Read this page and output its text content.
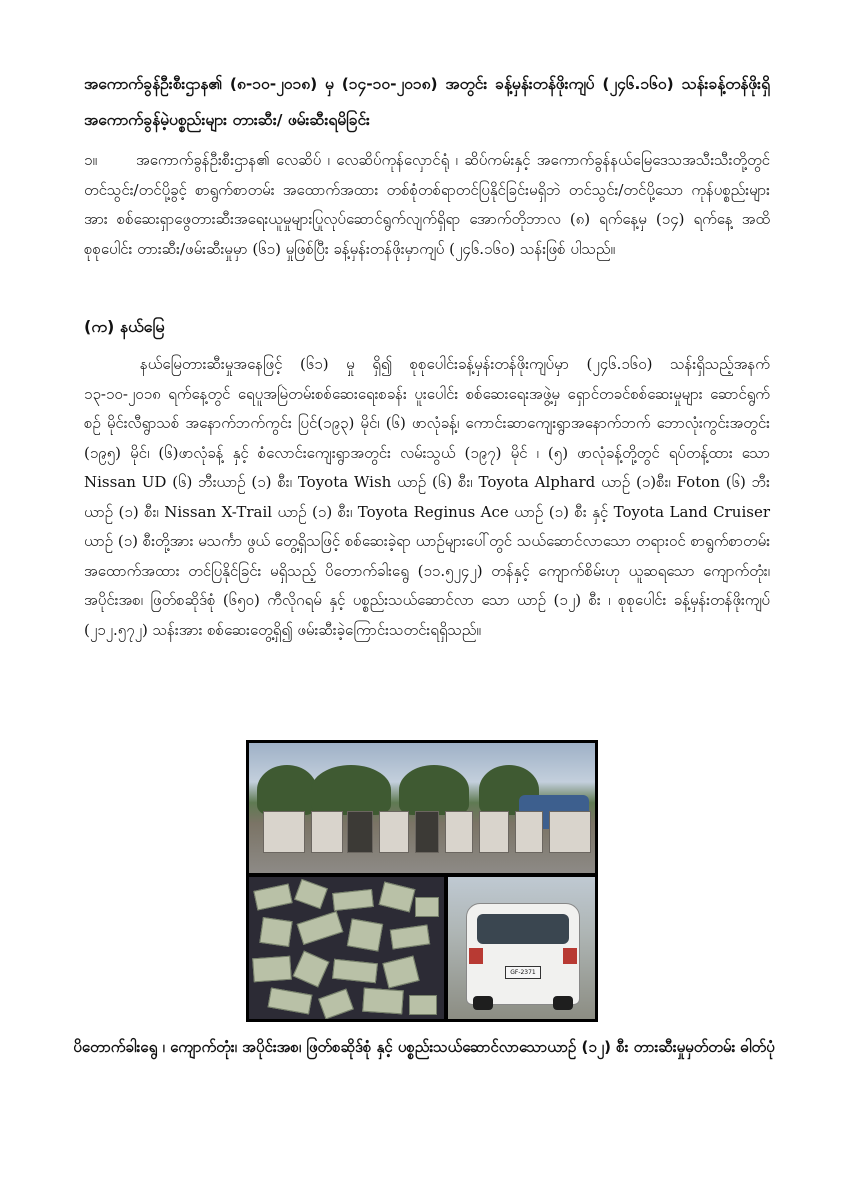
အကောက်ခွန်ဦးစီးဌာန၏ (၈-၁၀-၂၀၁၈) မှ (၁၄-၁၀-၂၀၁၈) အတွင်း ခန့်မှန်းတန်ဖိုးကျပ် (၂၄၆.၁၆၀) သန်းခန့်တန်ဖိုးရှိ အကောက်ခွန်မဲ့ပစ္စည်းများ တားဆီး/ ဖမ်းဆီးရမိခြင်း

၁။	အကောက်ခွန်ဦးစီးဌာန၏ လေဆိပ် ၊ လေဆိပ်ကုန်လှောင်ရုံ ၊ ဆိပ်ကမ်းနှင့် အကောက်ခွန်နယ်မြေဒေသအသီးသီးတို့တွင် တင်သွင်း/တင်ပို့ခွင့် စာရွက်စာတမ်း အထောက်အထား တစ်စုံတစ်ရာတင်ပြနိုင်ခြင်းမရှိဘဲ တင်သွင်း/တင်ပို့သော ကုန်ပစ္စည်းများအား စစ်ဆေးရှာဖွေတားဆီးအရေးယူမှုများပြုလုပ်ဆောင်ရွက်လျက်ရှိရာ အောက်တိုဘာလ (၈) ရက်နေ့မှ (၁၄) ရက်နေ့ အထိ စုစုပေါင်း တားဆီး/ဖမ်းဆီးမှုမှာ (၆၁) မှုဖြစ်ပြီး ခန့်မှန်းတန်ဖိုးမှာကျပ် (၂၄၆.၁၆၀) သန်းဖြစ် ပါသည်။

(က) နယ်မြေ

နယ်မြေတားဆီးမှုအနေဖြင့် (၆၁) မှု ရှိ၍ စုစုပေါင်းခန့်မှန်းတန်ဖိုးကျပ်မှာ (၂၄၆.၁၆၀) သန်းရှိသည့်အနက် ၁၃-၁၀-၂၀၁၈ ရက်နေ့တွင် ရေပူအမြဲတမ်းစစ်ဆေးရေးစခန်း ပူးပေါင်း စစ်ဆေးရေးအဖွဲ့မှ ရှောင်တခင်စစ်ဆေးမှုများ ဆောင်ရွက်စဉ် မိုင်းလီရွာသစ် အနောက်ဘက်ကွင်း ပြင်(၁၉၃) မိုင်၊ (၆) ဖာလုံခန့်၊ ကောင်းဆာကျေးရွာအနောက်ဘက် ဘောလုံးကွင်းအတွင်း (၁၉၅) မိုင်၊ (၆)ဖာလုံခန့် နှင့် စံလောင်းကျေးရွာအတွင်း လမ်းသွယ် (၁၉၇) မိုင် ၊ (၅) ဖာလုံခန့်တို့တွင် ရပ်တန့်ထား သော Nissan UD (၆) ဘီးယာဉ် (၁) စီး၊ Toyota Wish ယာဉ် (၆) စီး၊ Toyota Alphard ယာဉ် (၁)စီး၊ Foton (၆) ဘီး ယာဉ် (၁) စီး၊ Nissan X-Trail ယာဉ် (၁) စီး၊ Toyota Reginus Ace ယာဉ် (၁) စီး နှင့် Toyota Land Cruiser ယာဉ် (၁) စီးတို့အား မသင်္ကာ ဖွယ် တွေ့ရှိသဖြင့် စစ်ဆေးခဲ့ရာ ယာဉ်များပေါ်တွင် သယ်ဆောင်လာသော တရားဝင် စာရွက်စာတမ်း အထောက်အထား တင်ပြနိုင်ခြင်း မရှိသည့် ပိတောက်ခါးရွေ (၁၁.၅၂၄၂) တန်နှင့် ကျောက်စိမ်းဟု ယူဆရသော ကျောက်တုံး၊ အပိုင်းအစ၊ ဖြတ်စဆိုဒ်စုံ (၆၅၀) ကီလိုဂရမ် နှင့် ပစ္စည်းသယ်ဆောင်လာ သော ယာဉ် (၁၂) စီး ၊ စုစုပေါင်း ခန့်မှန်းတန်ဖိုးကျပ် (၂၁၂.၅၇၂) သန်းအား စစ်ဆေးတွေ့ရှိ၍ ဖမ်းဆီးခဲ့ကြောင်းသတင်းရရှိသည်။

GF-2371

ပိတောက်ခါးရွေ ၊ ကျောက်တုံး၊ အပိုင်းအစ၊ ဖြတ်စဆိုဒ်စုံ နှင့် ပစ္စည်းသယ်ဆောင်လာသောယာဉ် (၁၂) စီး တားဆီးမှုမှတ်တမ်း ဓါတ်ပုံ
